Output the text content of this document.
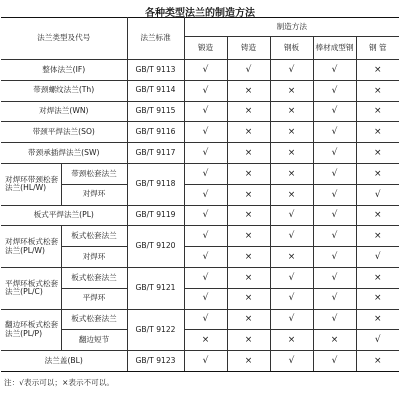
各种类型法兰的制造方法
法兰类型及代号		法兰标准	制造方法				
			锻造	铸造	钢板	棒材成型钢	钢 管
整体法兰(IF)		GB/T 9113	√	√	√	√	×
带颈螺纹法兰(Th)		GB/T 9114	√	×	×	√	×
对焊法兰(WN)		GB/T 9115	√	×	×	√	×
带颈平焊法兰(SO)		GB/T 9116	√	×	×	√	×
带颈承插焊法兰(SW)		GB/T 9117	√	×	×	√	×
对焊环带颈松套法兰(HL/W)	带颈松套法兰	GB/T 9118	√	×	×	√	×
	对焊环		√	×	×	√	√
板式平焊法兰(PL)		GB/T 9119	√	×	√	√	×
对焊环板式松套法兰(PL/W)	板式松套法兰	GB/T 9120	√	×	√	√	×
	对焊环		√	×	×	√	√
平焊环板式松套法兰(PL/C)	板式松套法兰	GB/T 9121	√	×	√	√	×
	平焊环		√	×	√	√	×
翻边环板式松套法兰(PL/P)	板式松套法兰	GB/T 9122	√	×	√	√	×
	翻边短节		×	×	×	×	√
法兰盖(BL)		GB/T 9123	√	×	√	√	×
注：√表示可以；×表示不可以。
